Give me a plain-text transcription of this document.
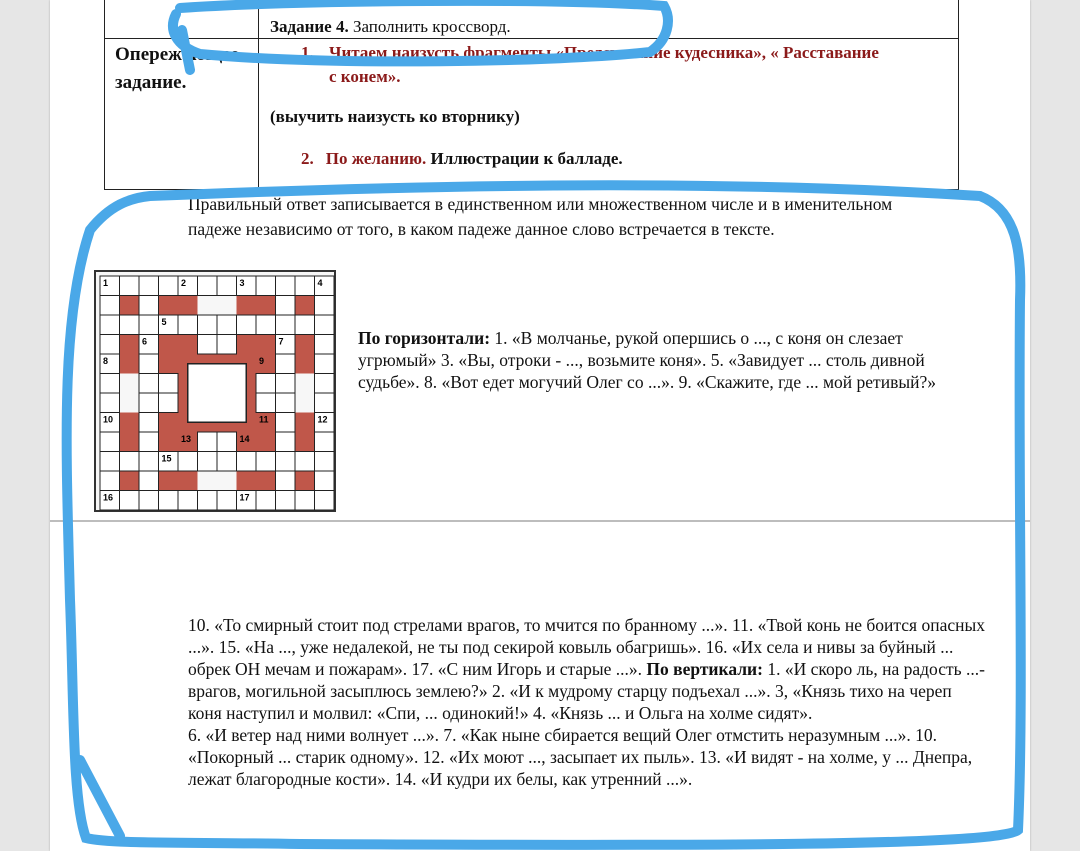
Задание 4. Заполнить кроссворд.
Опережающее задание.
1. Читаем наизусть фрагменты «Предсказание кудесника», « Расставание с конем».
(выучить наизусть ко вторнику)
2. По желанию. Иллюстрации к балладе.
Правильный ответ записывается в единственном или множественном числе и в именительном падеже независимо от того, в каком падеже данное слово встречается в тексте.
1	2	3	4
5
6	7
8	9
10	11	12
13	14
15
16	17
По горизонтали: 1. «В молчанье, рукой опершись о ..., с коня он слезает угрюмый» 3. «Вы, отроки - ..., возьмите коня». 5. «Завидует ... столь дивной судьбе». 8. «Вот едет могучий Олег со ...». 9. «Скажите, где ... мой ретивый?»
10. «То смирный стоит под стрелами врагов, то мчится по бранному ...». 11. «Твой конь не боится опасных ...». 15. «На ..., уже недалекой, не ты под секирой ковыль обагришь». 16. «Их села и нивы за буйный ... обрек ОН мечам и пожарам». 17. «С ним Игорь и старые ...». По вертикали: 1. «И скоро ль, на радость ...-врагов, могильной засыплюсь землею?» 2. «И к мудрому старцу подъехал ...». 3, «Князь тихо на череп коня наступил и молвил: «Спи, ... одинокий!» 4. «Князь ... и Ольга на холме сидят».
6. «И ветер над ними волнует ...». 7. «Как ныне сбирается вещий Олег отмстить неразумным ...». 10. «Покорный ... старик одному». 12. «Их моют ..., засыпает их пыль». 13. «И видят - на холме, у ... Днепра, лежат благородные кости». 14. «И кудри их белы, как утренний ...».
